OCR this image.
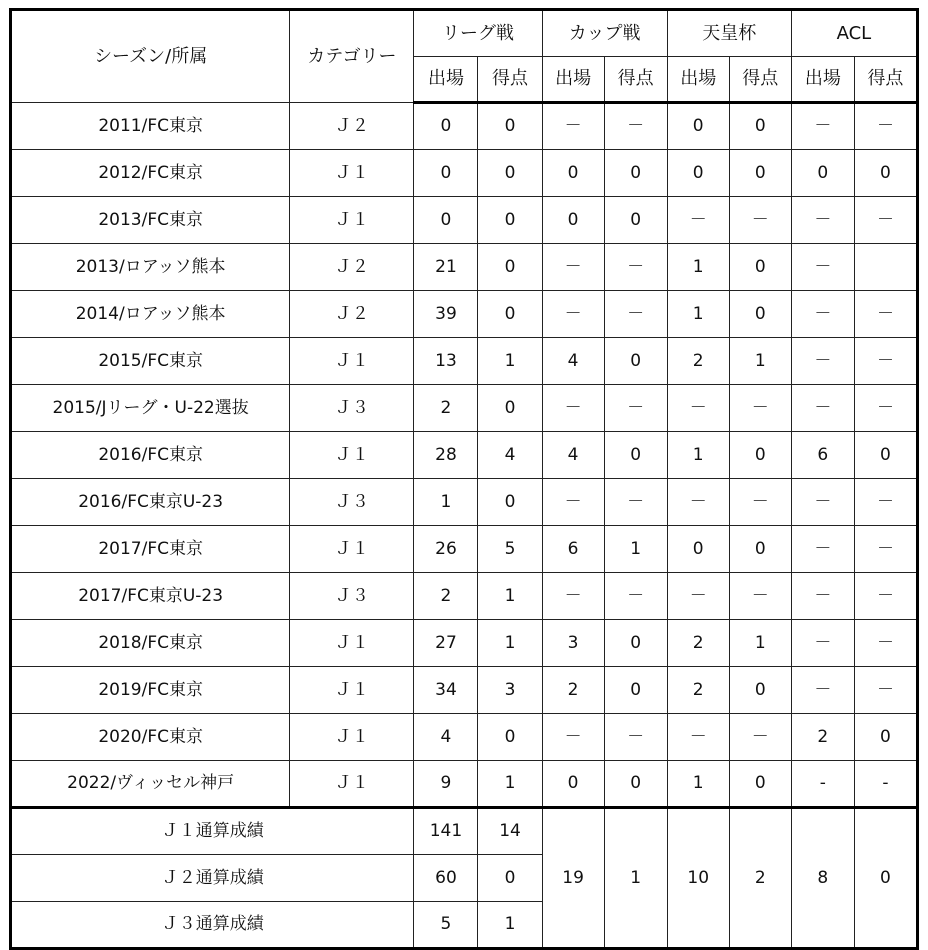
シーズン/所属	カテゴリー	リーグ戦		カップ戦		天皇杯		ACL	
		出場	得点	出場	得点	出場	得点	出場	得点
2011/FC東京	Ｊ２	0	0	－	－	0	0	－	－
2012/FC東京	Ｊ１	0	0	0	0	0	0	0	0
2013/FC東京	Ｊ１	0	0	0	0	－	－	－	－
2013/ロアッソ熊本	Ｊ２	21	0	－	－	1	0	－	
2014/ロアッソ熊本	Ｊ２	39	0	－	－	1	0	－	－
2015/FC東京	Ｊ１	13	1	4	0	2	1	－	－
2015/Jリーグ・U-22選抜	Ｊ３	2	0	－	－	－	－	－	－
2016/FC東京	Ｊ１	28	4	4	0	1	0	6	0
2016/FC東京U-23	Ｊ３	1	0	－	－	－	－	－	－
2017/FC東京	Ｊ１	26	5	6	1	0	0	－	－
2017/FC東京U-23	Ｊ３	2	1	－	－	－	－	－	－
2018/FC東京	Ｊ１	27	1	3	0	2	1	－	－
2019/FC東京	Ｊ１	34	3	2	0	2	0	－	－
2020/FC東京	Ｊ１	4	0	－	－	－	－	2	0
2022/ヴィッセル神戸	Ｊ１	9	1	0	0	1	0	-	-
Ｊ１通算成績		141	14	19	1	10	2	8	0
Ｊ２通算成績		60	0						
Ｊ３通算成績		5	1						
